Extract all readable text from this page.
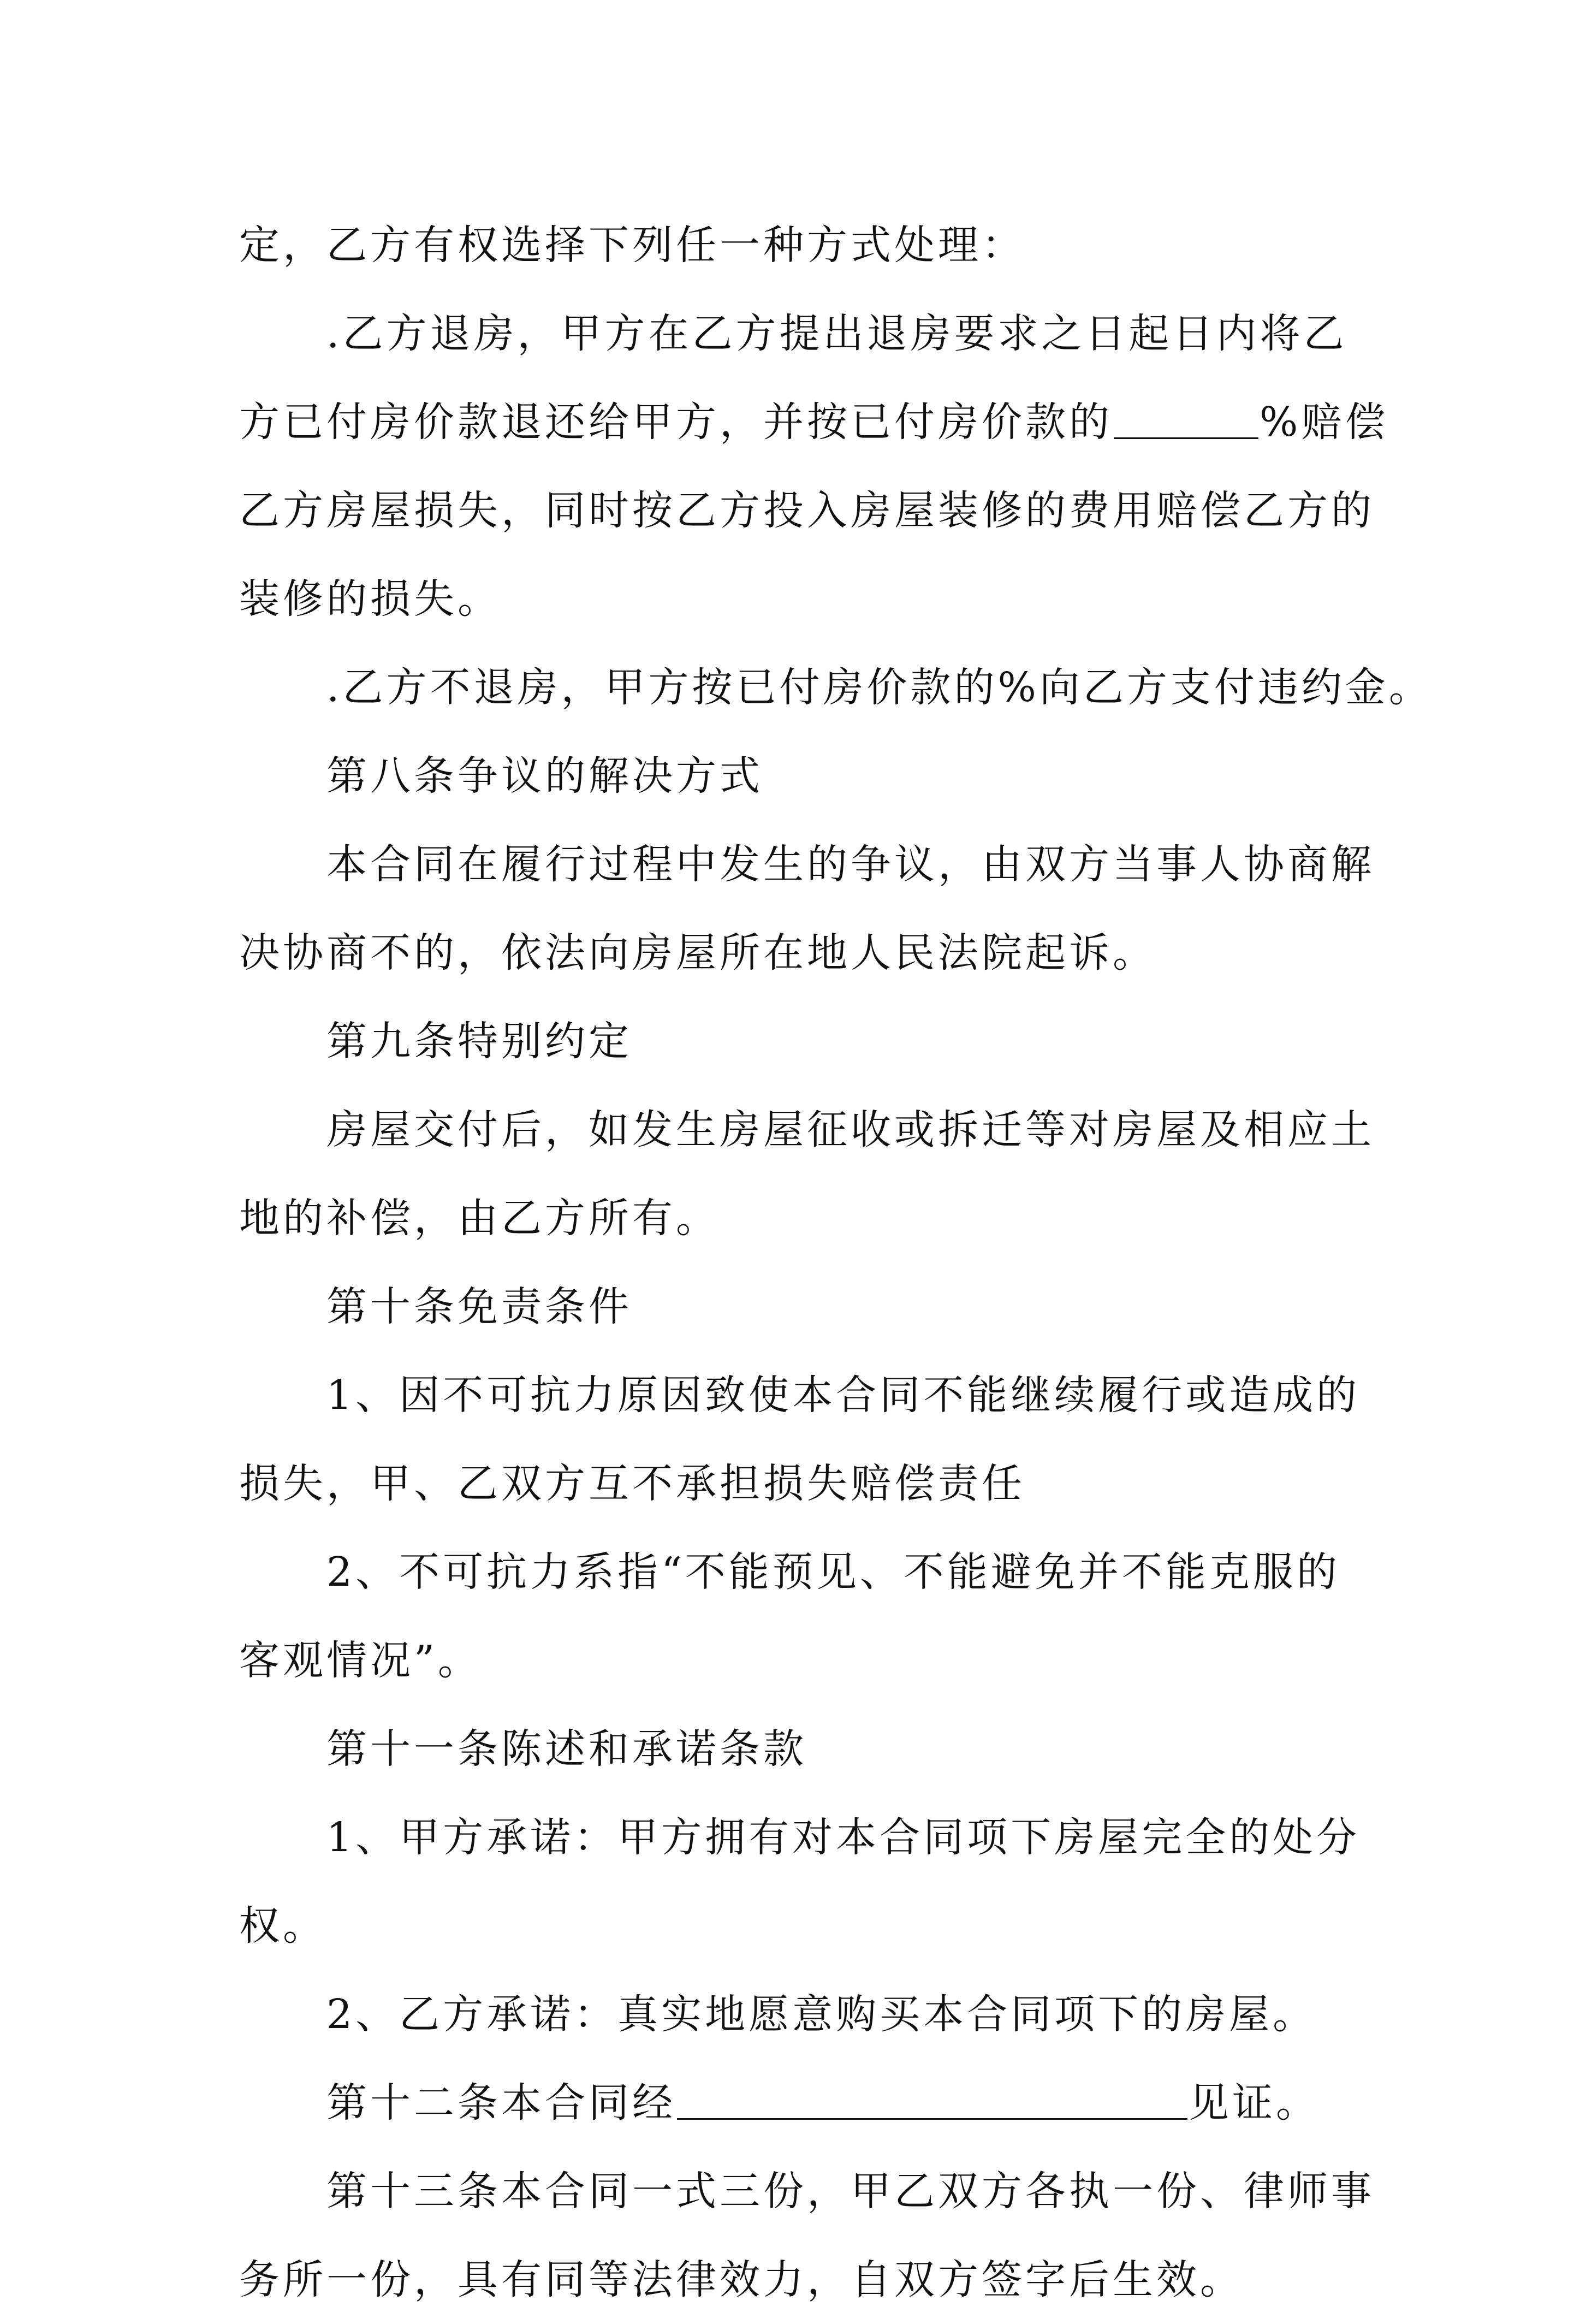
定，乙方有权选择下列任一种方式处理：
.乙方退房，甲方在乙方提出退房要求之日起日内将乙
方已付房价款退还给甲方，并按已付房价款的	%赔偿
乙方房屋损失，同时按乙方投入房屋装修的费用赔偿乙方的
装修的损失。
.乙方不退房，甲方按已付房价款的%向乙方支付违约金。
第八条争议的解决方式
本合同在履行过程中发生的争议，由双方当事人协商解
决协商不的，依法向房屋所在地人民法院起诉。
第九条特别约定
房屋交付后，如发生房屋征收或拆迁等对房屋及相应土
地的补偿，由乙方所有。
第十条免责条件
1、因不可抗力原因致使本合同不能继续履行或造成的
损失，甲、乙双方互不承担损失赔偿责任
2、不可抗力系指“不能预见、不能避免并不能克服的
客观情况”。
第十一条陈述和承诺条款
1、甲方承诺：甲方拥有对本合同项下房屋完全的处分
权。
2、乙方承诺：真实地愿意购买本合同项下的房屋。
第十二条本合同经	见证。
第十三条本合同一式三份，甲乙双方各执一份、律师事
务所一份，具有同等法律效力，自双方签字后生效。
